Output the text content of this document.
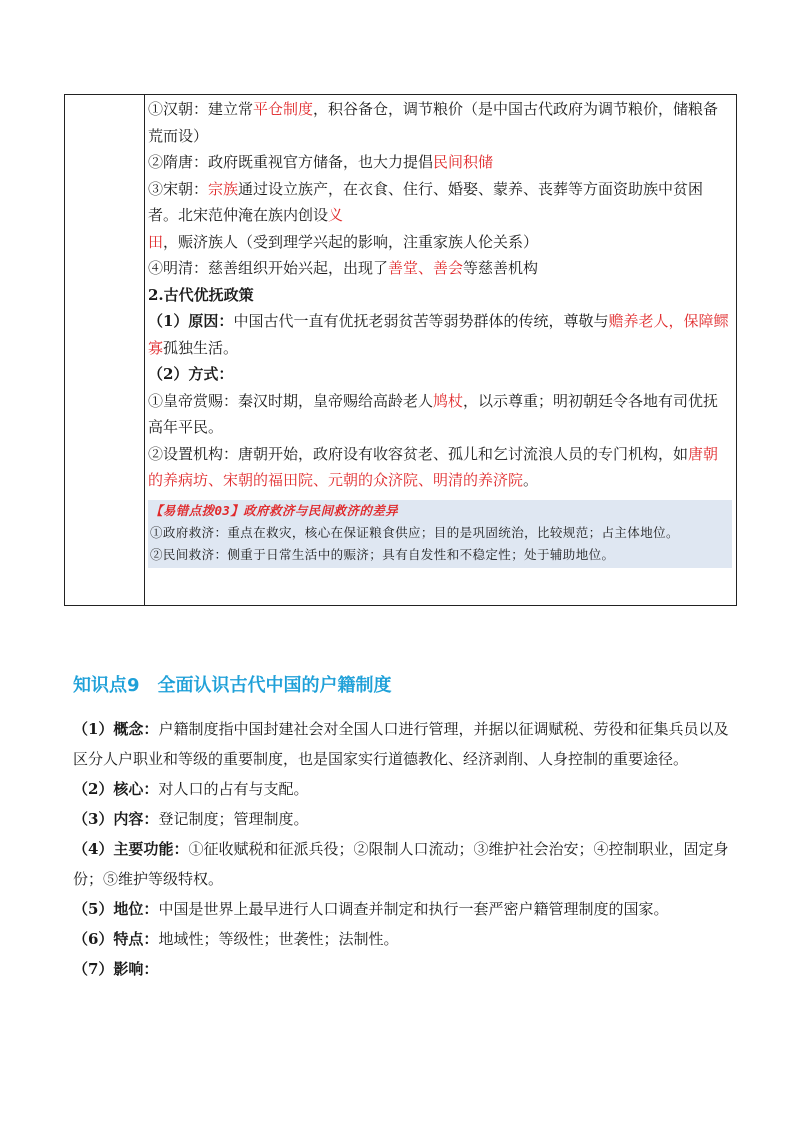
①汉朝：建立常平仓制度，积谷备仓，调节粮价（是中国古代政府为调节粮价，储粮备荒而设）

②隋唐：政府既重视官方储备，也大力提倡民间积储

③宋朝：宗族通过设立族产，在衣食、住行、婚娶、蒙养、丧葬等方面资助族中贫困者。北宋范仲淹在族内创设义田，赈济族人（受到理学兴起的影响，注重家族人伦关系）

④明清：慈善组织开始兴起，出现了善堂、善会等慈善机构

2.古代优抚政策

（1）原因：中国古代一直有优抚老弱贫苦等弱势群体的传统，尊敬与赡养老人，保障鳏寡孤独生活。

（2）方式：

①皇帝赏赐：秦汉时期，皇帝赐给高龄老人鸠杖，以示尊重；明初朝廷令各地有司优抚高年平民。

②设置机构：唐朝开始，政府设有收容贫老、孤儿和乞讨流浪人员的专门机构，如唐朝的养病坊、宋朝的福田院、元朝的众济院、明清的养济院。

【易错点拨03】政府救济与民间救济的差异
①政府救济：重点在救灾，核心在保证粮食供应；目的是巩固统治，比较规范；占主体地位。
②民间救济：侧重于日常生活中的赈济；具有自发性和不稳定性；处于辅助地位。
知识点9　全面认识古代中国的户籍制度

（1）概念：户籍制度指中国封建社会对全国人口进行管理，并据以征调赋税、劳役和征集兵员以及区分人户职业和等级的重要制度，也是国家实行道德教化、经济剥削、人身控制的重要途径。

（2）核心：对人口的占有与支配。

（3）内容：登记制度；管理制度。

（4）主要功能：①征收赋税和征派兵役；②限制人口流动；③维护社会治安；④控制职业，固定身份；⑤维护等级特权。

（5）地位：中国是世界上最早进行人口调查并制定和执行一套严密户籍管理制度的国家。

（6）特点：地域性；等级性；世袭性；法制性。

（7）影响：
